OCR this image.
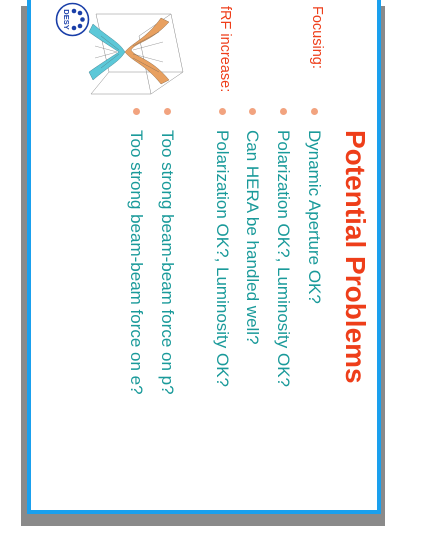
Potential Problems
Focusing:
Dynamic Aperture OK?
Polarization OK?, Luminosity OK?
Can HERA be handled well?
fRF increase:
Polarization OK?, Luminosity OK?
Too strong beam-beam force on p?
Too strong beam-beam force on e?
DESY
